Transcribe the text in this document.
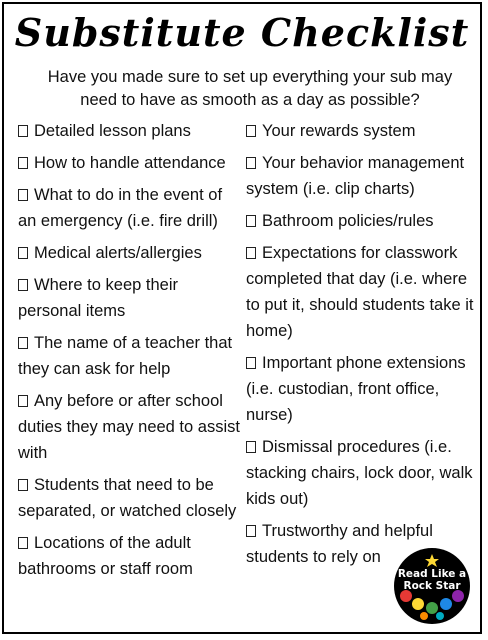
Substitute Checklist
Have you made sure to set up everything your sub may need to have as smooth as a day as possible?
Detailed lesson plans
How to handle attendance
What to do in the event of an emergency (i.e. fire drill)
Medical alerts/allergies
Where to keep their personal items
The name of a teacher that they can ask for help
Any before or after school duties they may need to assist with
Students that need to be separated, or watched closely
Locations of the adult bathrooms or staff room
Your rewards system
Your behavior management system (i.e. clip charts)
Bathroom policies/rules
Expectations for classwork completed that day (i.e. where to put it, should students take it home)
Important phone extensions (i.e. custodian, front office, nurse)
Dismissal procedures (i.e. stacking chairs, lock door, walk kids out)
Trustworthy and helpful students to rely on
Read Like a
Rock Star
